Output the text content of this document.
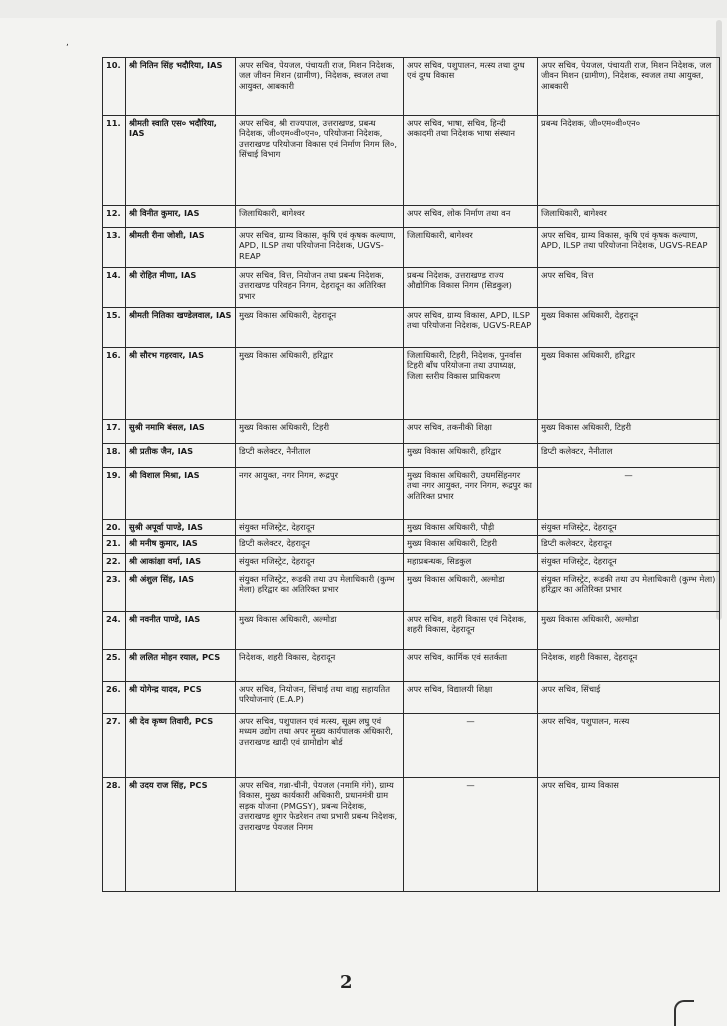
,
10.	श्री नितिन सिंह भदौरिया, IAS	अपर सचिव, पेयजल, पंचायती राज, मिशन निदेशक, जल जीवन मिशन (ग्रामीण), निदेशक, स्वजल तथा आयुक्त, आबकारी	अपर सचिव, पशुपालन, मत्स्य तथा दुग्ध एवं दुग्ध विकास	अपर सचिव, पेयजल, पंचायती राज, मिशन निदेशक, जल जीवन मिशन (ग्रामीण), निदेशक, स्वजल तथा आयुक्त, आबकारी
11.	श्रीमती स्वाति एस० भदौरिया, IAS	अपर सचिव, श्री राज्यपाल, उत्तराखण्ड, प्रबन्ध निदेशक, जी०एम०वी०एन०, परियोजना निदेशक, उत्तराखण्ड परियोजना विकास एवं निर्माण निगम लि०, सिंचाई विभाग	अपर सचिव, भाषा, सचिव, हिन्दी अकादमी तथा निदेशक भाषा संस्थान	प्रबन्ध निदेशक, जी०एम०वी०एन०
12.	श्री विनीत कुमार, IAS	जिलाधिकारी, बागेश्वर	अपर सचिव, लोक निर्माण तथा वन	जिलाधिकारी, बागेश्वर
13.	श्रीमती रीना जोशी, IAS	अपर सचिव, ग्राम्य विकास, कृषि एवं कृषक कल्याण, APD, ILSP तथा परियोजना निदेशक, UGVS-REAP	जिलाधिकारी, बागेश्वर	अपर सचिव, ग्राम्य विकास, कृषि एवं कृषक कल्याण, APD, ILSP तथा परियोजना निदेशक, UGVS-REAP
14.	श्री रोहित मीणा, IAS	अपर सचिव, वित्त, नियोजन तथा प्रबन्ध निदेशक, उत्तराखण्ड परिवहन निगम, देहरादून का अतिरिक्त प्रभार	प्रबन्ध निदेशक, उत्तराखण्ड राज्य औद्योगिक विकास निगम (सिडकुल)	अपर सचिव, वित्त
15.	श्रीमती नितिका खण्डेलवाल, IAS	मुख्य विकास अधिकारी, देहरादून	अपर सचिव, ग्राम्य विकास, APD, ILSP तथा परियोजना निदेशक, UGVS-REAP	मुख्य विकास अधिकारी, देहरादून
16.	श्री सौरभ गहरवार, IAS	मुख्य विकास अधिकारी, हरिद्वार	जिलाधिकारी, टिहरी, निदेशक, पुनर्वास टिहरी बाँध परियोजना तथा उपाध्यक्ष, जिला स्तरीय विकास प्राधिकरण	मुख्य विकास अधिकारी, हरिद्वार
17.	सुश्री नमामि बंसल, IAS	मुख्य विकास अधिकारी, टिहरी	अपर सचिव, तकनीकी शिक्षा	मुख्य विकास अधिकारी, टिहरी
18.	श्री प्रतीक जैन, IAS	डिप्टी कलेक्टर, नैनीताल	मुख्य विकास अधिकारी, हरिद्वार	डिप्टी कलेक्टर, नैनीताल
19.	श्री विशाल मिश्रा, IAS	नगर आयुक्त, नगर निगम, रूद्रपुर	मुख्य विकास अधिकारी, उधमसिंहनगर तथा नगर आयुक्त, नगर निगम, रूद्रपुर का अतिरिक्त प्रभार	—
20.	सुश्री अपूर्वा पाण्डे, IAS	संयुक्त मजिस्ट्रेट, देहरादून	मुख्य विकास अधिकारी, पौड़ी	संयुक्त मजिस्ट्रेट, देहरादून
21.	श्री मनीष कुमार, IAS	डिप्टी कलेक्टर, देहरादून	मुख्य विकास अधिकारी, टिहरी	डिप्टी कलेक्टर, देहरादून
22.	श्री आकांक्षा वर्मा, IAS	संयुक्त मजिस्ट्रेट, देहरादून	महाप्रबन्धक, सिडकुल	संयुक्त मजिस्ट्रेट, देहरादून
23.	श्री अंशुल सिंह, IAS	संयुक्त मजिस्ट्रेट, रूडकी तथा उप मेलाधिकारी (कुम्भ मेला) हरिद्वार का अतिरिक्त प्रभार	मुख्य विकास अधिकारी, अल्मोडा	संयुक्त मजिस्ट्रेट, रूडकी तथा उप मेलाधिकारी (कुम्भ मेला) हरिद्वार का अतिरिक्त प्रभार
24.	श्री नवनीत पाण्डे, IAS	मुख्य विकास अधिकारी, अल्मोडा	अपर सचिव, शहरी विकास एवं निदेशक, शहरी विकास, देहरादून	मुख्य विकास अधिकारी, अल्मोडा
25.	श्री ललित मोहन रयाल, PCS	निदेशक, शहरी विकास, देहरादून	अपर सचिव, कार्मिक एवं सतर्कता	निदेशक, शहरी विकास, देहरादून
26.	श्री योगेन्द्र यादव, PCS	अपर सचिव, नियोजन, सिंचाई तथा वाह्य सहायतित परियोजनाएं (E.A.P)	अपर सचिव, विद्यालयी शिक्षा	अपर सचिव, सिंचाई
27.	श्री देव कृष्ण तिवारी, PCS	अपर सचिव, पशुपालन एवं मत्स्य, सूक्ष्म लघु एवं मध्यम उद्योग तथा अपर मुख्य कार्यपालक अधिकारी, उत्तराखण्ड खादी एवं ग्रामोद्योग बोर्ड	—	अपर सचिव, पशुपालन, मत्स्य
28.	श्री उदय राज सिंह, PCS	अपर सचिव, गन्ना-चीनी, पेयजल (नमामि गंगे), ग्राम्य विकास, मुख्य कार्यकारी अधिकारी, प्रधानमंत्री ग्राम सड़क योजना (PMGSY), प्रबन्ध निदेशक, उत्तराखण्ड शुगर फेडरेशन तथा प्रभारी प्रबन्ध निदेशक, उत्तराखण्ड पेयजल निगम	—	अपर सचिव, ग्राम्य विकास
2
